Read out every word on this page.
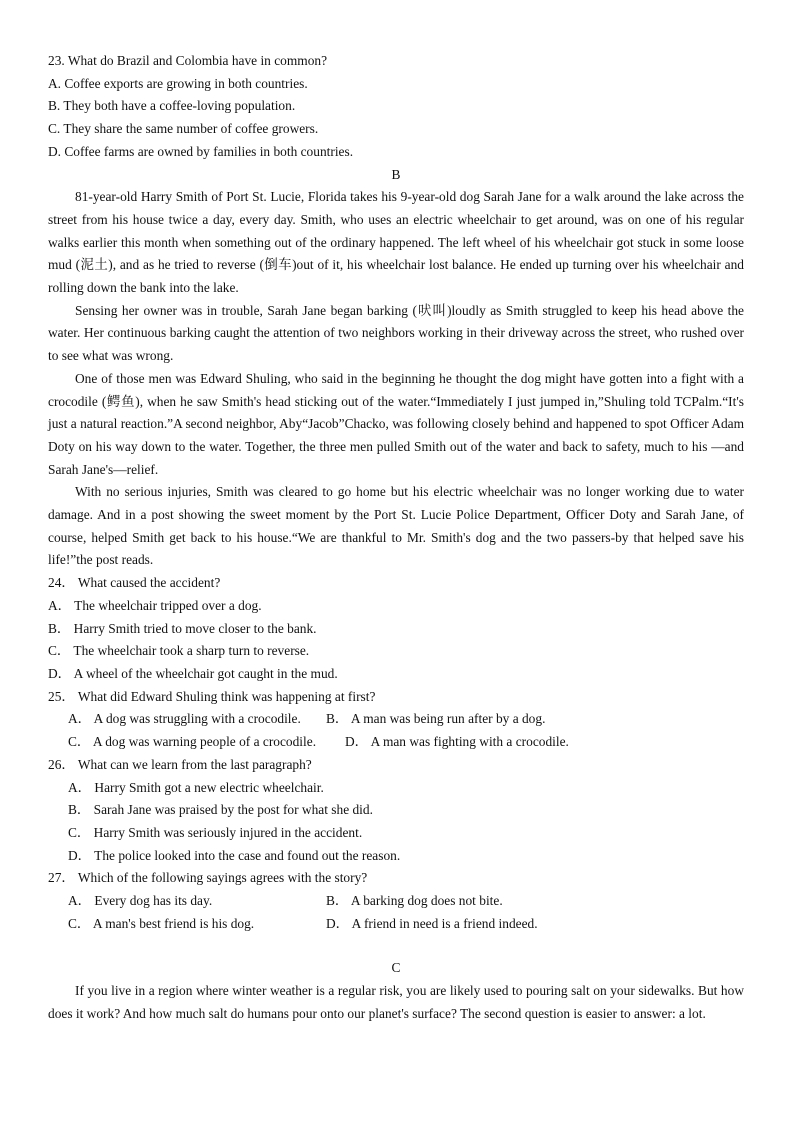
23. What do Brazil and Colombia have in common?
A. Coffee exports are growing in both countries.
B. They both have a coffee-loving population.
C. They share the same number of coffee growers.
D. Coffee farms are owned by families in both countries.
B
81-year-old Harry Smith of Port St. Lucie, Florida takes his 9-year-old dog Sarah Jane for a walk around the lake across the street from his house twice a day, every day. Smith, who uses an electric wheelchair to get around, was on one of his regular walks earlier this month when something out of the ordinary happened. The left wheel of his wheelchair got stuck in some loose mud (泥土), and as he tried to reverse (倒车)out of it, his wheelchair lost balance. He ended up turning over his wheelchair and rolling down the bank into the lake.
Sensing her owner was in trouble, Sarah Jane began barking (吠叫)loudly as Smith struggled to keep his head above the water. Her continuous barking caught the attention of two neighbors working in their driveway across the street, who rushed over to see what was wrong.
One of those men was Edward Shuling, who said in the beginning he thought the dog might have gotten into a fight with a crocodile (鳄鱼), when he saw Smith's head sticking out of the water.“Immediately I just jumped in,”Shuling told TCPalm.“It's just a natural reaction.”A second neighbor, Aby“Jacob”Chacko, was following closely behind and happened to spot Officer Adam Doty on his way down to the water. Together, the three men pulled Smith out of the water and back to safety, much to his —and Sarah Jane's—relief.
With no serious injuries, Smith was cleared to go home but his electric wheelchair was no longer working due to water damage. And in a post showing the sweet moment by the Port St. Lucie Police Department, Officer Doty and Sarah Jane, of course, helped Smith get back to his house.“We are thankful to Mr. Smith's dog and the two passers-by that helped save his life!”the post reads.
24． What caused the accident?
A． The wheelchair tripped over a dog.
B． Harry Smith tried to move closer to the bank.
C． The wheelchair took a sharp turn to reverse.
D． A wheel of the wheelchair got caught in the mud.
25． What did Edward Shuling think was happening at first?
A． A dog was struggling with a crocodile.	B． A man was being run after by a dog.
C． A dog was warning people of a crocodile.	D． A man was fighting with a crocodile.
26． What can we learn from the last paragraph?
A． Harry Smith got a new electric wheelchair.
B． Sarah Jane was praised by the post for what she did.
C． Harry Smith was seriously injured in the accident.
D． The police looked into the case and found out the reason.
27． Which of the following sayings agrees with the story?
A． Every dog has its day.	B． A barking dog does not bite.
C． A man's best friend is his dog.	D． A friend in need is a friend indeed.
C
If you live in a region where winter weather is a regular risk, you are likely used to pouring salt on your sidewalks. But how does it work? And how much salt do humans pour onto our planet's surface? The second question is easier to answer: a lot.
